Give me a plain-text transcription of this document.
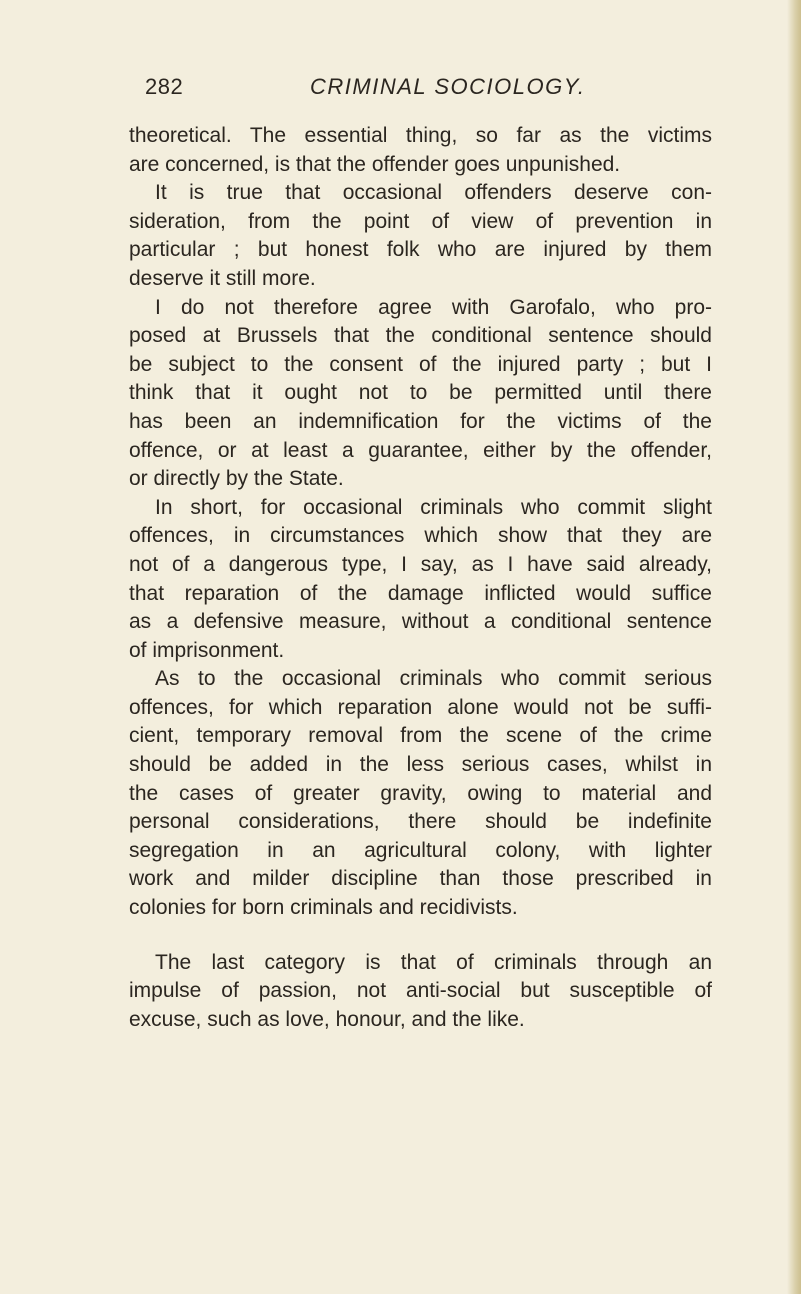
282	CRIMINAL SOCIOLOGY.
theoretical. The essential thing, so far as the victims
are concerned, is that the offender goes unpunished.
It is true that occasional offenders deserve con-
sideration, from the point of view of prevention in
particular ; but honest folk who are injured by them
deserve it still more.
I do not therefore agree with Garofalo, who pro-
posed at Brussels that the conditional sentence should
be subject to the consent of the injured party ; but I
think that it ought not to be permitted until there
has been an indemnification for the victims of the
offence, or at least a guarantee, either by the offender,
or directly by the State.
In short, for occasional criminals who commit slight
offences, in circumstances which show that they are
not of a dangerous type, I say, as I have said already,
that reparation of the damage inflicted would suffice
as a defensive measure, without a conditional sentence
of imprisonment.
As to the occasional criminals who commit serious
offences, for which reparation alone would not be suffi-
cient, temporary removal from the scene of the crime
should be added in the less serious cases, whilst in
the cases of greater gravity, owing to material and
personal considerations, there should be indefinite
segregation in an agricultural colony, with lighter
work and milder discipline than those prescribed in
colonies for born criminals and recidivists.
The last category is that of criminals through an
impulse of passion, not anti-social but susceptible of
excuse, such as love, honour, and the like.
